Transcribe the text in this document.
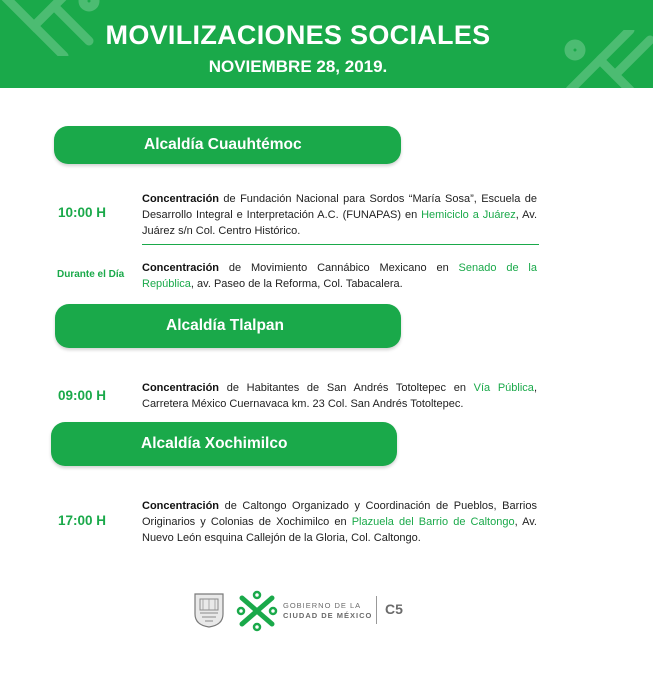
MOVILIZACIONES SOCIALES
NOVIEMBRE 28, 2019.
Alcaldía Cuauhtémoc
10:00 H
Concentración de Fundación Nacional para Sordos “María Sosa”, Escuela de Desarrollo Integral e Interpretación A.C. (FUNAPAS) en Hemiciclo a Juárez, Av. Juárez s/n Col. Centro Histórico.
Durante el Día
Concentración de Movimiento Cannábico Mexicano en Senado de la República, av. Paseo de la Reforma, Col. Tabacalera.
Alcaldía Tlalpan
09:00 H	Concentración de Habitantes de San Andrés Totoltepec en Vía Pública, Carretera México Cuernavaca km. 23 Col. San Andrés Totoltepec.
Alcaldía Xochimilco
17:00 H
Concentración de Caltongo Organizado y Coordinación de Pueblos, Barrios Originarios y Colonias de Xochimilco en Plazuela del Barrio de Caltongo, Av. Nuevo León esquina Callejón de la Gloria, Col. Caltongo.
GOBIERNO DE LA
CIUDAD DE MÉXICO C5
